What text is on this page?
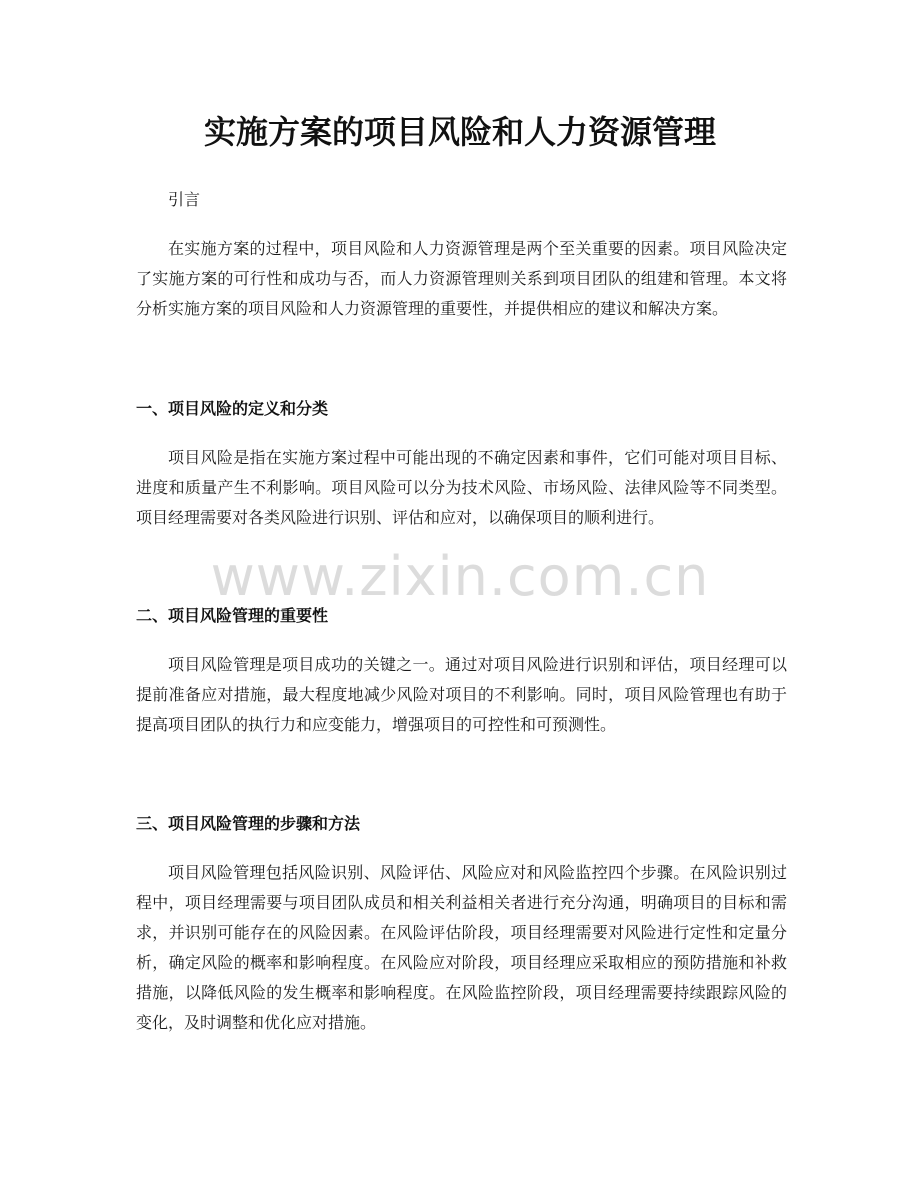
实施方案的项目风险和人力资源管理

引言

在实施方案的过程中，项目风险和人力资源管理是两个至关重要的因素。项目风险决定了实施方案的可行性和成功与否，而人力资源管理则关系到项目团队的组建和管理。本文将分析实施方案的项目风险和人力资源管理的重要性，并提供相应的建议和解决方案。

一、项目风险的定义和分类

项目风险是指在实施方案过程中可能出现的不确定因素和事件，它们可能对项目目标、进度和质量产生不利影响。项目风险可以分为技术风险、市场风险、法律风险等不同类型。项目经理需要对各类风险进行识别、评估和应对，以确保项目的顺利进行。

二、项目风险管理的重要性

项目风险管理是项目成功的关键之一。通过对项目风险进行识别和评估，项目经理可以提前准备应对措施，最大程度地减少风险对项目的不利影响。同时，项目风险管理也有助于提高项目团队的执行力和应变能力，增强项目的可控性和可预测性。

三、项目风险管理的步骤和方法

项目风险管理包括风险识别、风险评估、风险应对和风险监控四个步骤。在风险识别过程中，项目经理需要与项目团队成员和相关利益相关者进行充分沟通，明确项目的目标和需求，并识别可能存在的风险因素。在风险评估阶段，项目经理需要对风险进行定性和定量分析，确定风险的概率和影响程度。在风险应对阶段，项目经理应采取相应的预防措施和补救措施，以降低风险的发生概率和影响程度。在风险监控阶段，项目经理需要持续跟踪风险的变化，及时调整和优化应对措施。

www.zixin.com.cn
